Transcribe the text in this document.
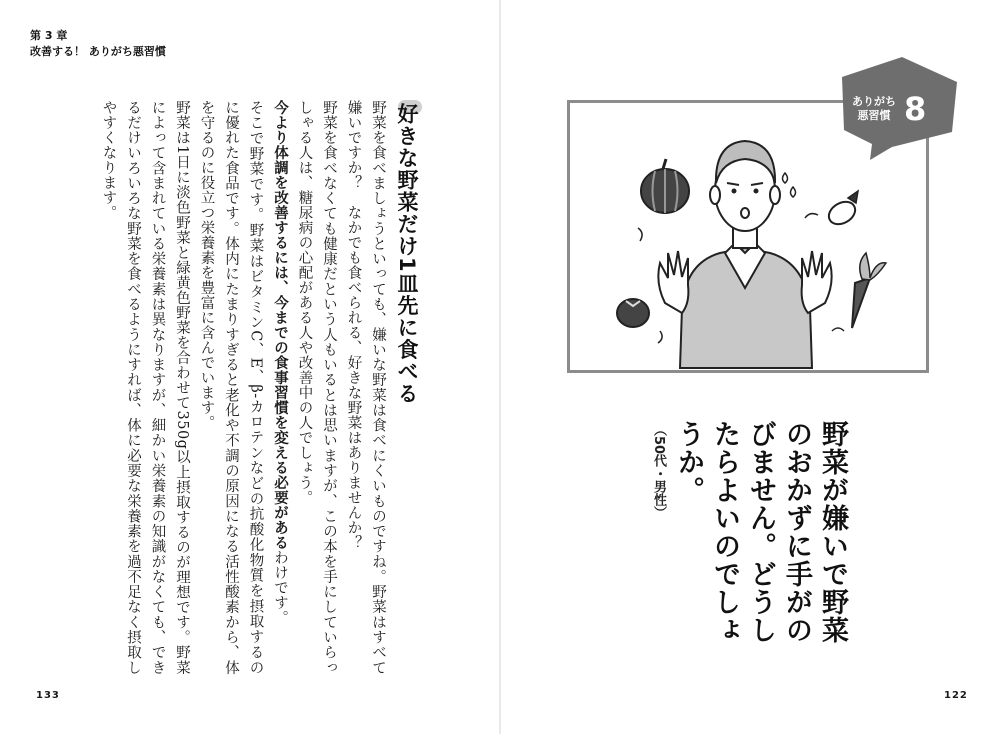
第 3 章
改善する！ ありがち悪習慣
好きな野菜だけ1皿先に食べる

野菜を食べましょうといっても、嫌いな野菜は食べにくいものですね。野菜はすべて嫌いですか？　なかでも食べられる、好きな野菜はありませんか？

野菜を食べなくても健康だという人もいるとは思いますが、この本を手にしていらっしゃる人は、糖尿病の心配がある人や改善中の人でしょう。

今より体調を改善するには、今までの食事習慣を変える必要があるわけです。

そこで野菜です。野菜はビタミンC、E、β-カロテンなどの抗酸化物質を摂取するのに優れた食品です。体内にたまりすぎると老化や不調の原因になる活性酸素から、体を守るのに役立つ栄養素を豊富に含んでいます。

野菜は1日に淡色野菜と緑黄色野菜を合わせて350g以上摂取するのが理想です。野菜によって含まれている栄養素は異なりますが、細かい栄養素の知識がなくても、できるだけいろいろな野菜を食べるようにすれば、体に必要な栄養素を過不足なく摂取しやすくなります。

133
ありがち
悪習慣 8
野菜が嫌いで野菜のおかずに手がのびません。どうしたらよいのでしょうか。
（50代・男性）
122
